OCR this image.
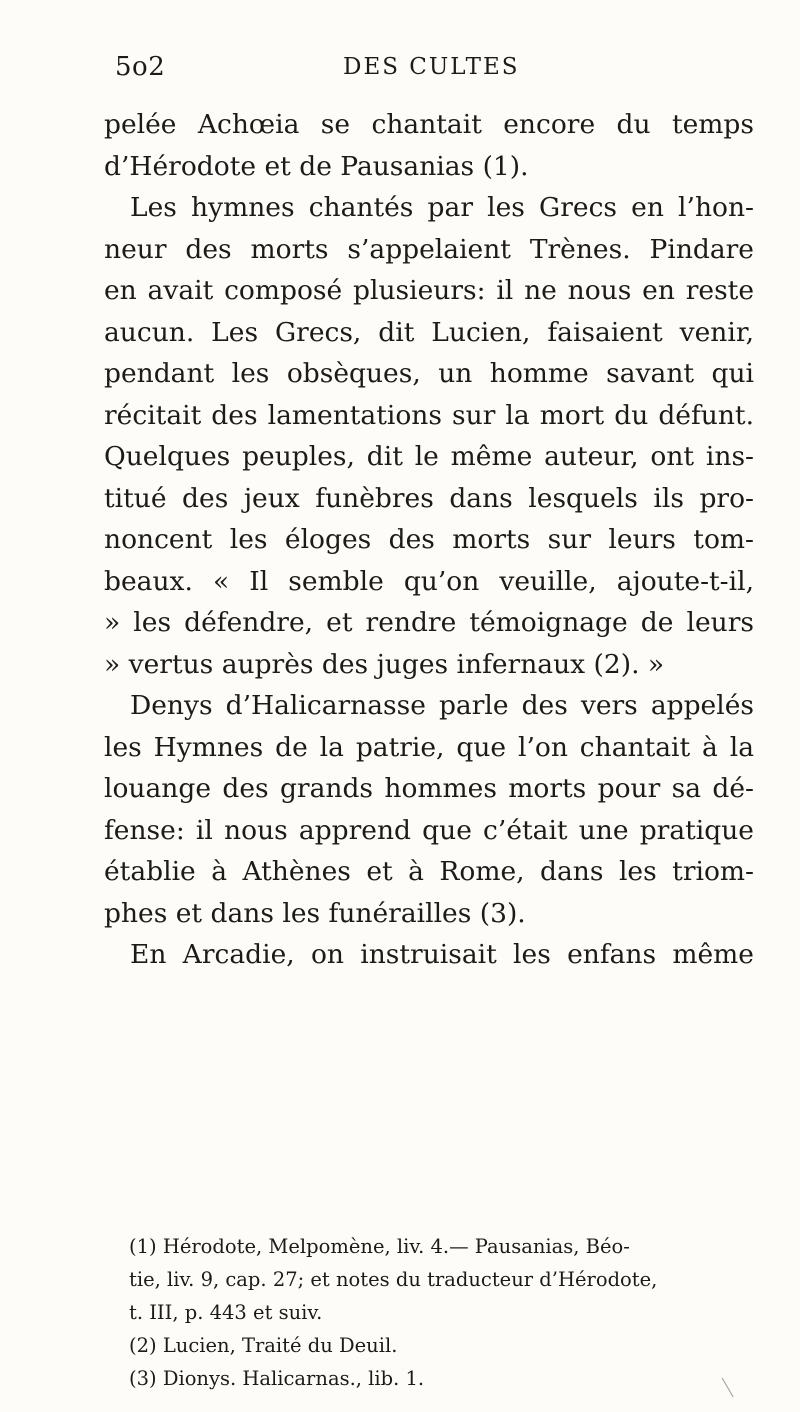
5o2	DES CULTES
pelée Achœia se chantait encore du temps
d’Hérodote et de Pausanias (1).
Les hymnes chantés par les Grecs en l’hon-
neur des morts s’appelaient Trènes. Pindare
en avait composé plusieurs: il ne nous en reste
aucun. Les Grecs, dit Lucien, faisaient venir,
pendant les obsèques, un homme savant qui
récitait des lamentations sur la mort du défunt.
Quelques peuples, dit le même auteur, ont ins-
titué des jeux funèbres dans lesquels ils pro-
noncent les éloges des morts sur leurs tom-
beaux. « Il semble qu’on veuille, ajoute-t-il,
» les défendre, et rendre témoignage de leurs
» vertus auprès des juges infernaux (2). »
Denys d’Halicarnasse parle des vers appelés
les Hymnes de la patrie, que l’on chantait à la
louange des grands hommes morts pour sa dé-
fense: il nous apprend que c’était une pratique
établie à Athènes et à Rome, dans les triom-
phes et dans les funérailles (3).
En Arcadie, on instruisait les enfans même
(1) Hérodote, Melpomène, liv. 4.— Pausanias, Béo-
tie, liv. 9, cap. 27; et notes du traducteur d’Hérodote,
t. III, p. 443 et suiv.
(2) Lucien, Traité du Deuil.
(3) Dionys. Halicarnas., lib. 1.
